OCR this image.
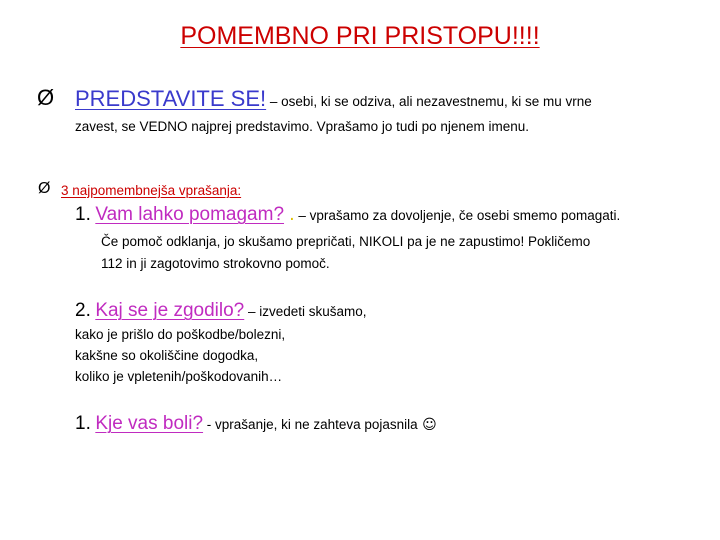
POMEMBNO PRI PRISTOPU!!!!
Ø PREDSTAVITE SE! – osebi, ki se odziva, ali nezavestnemu, ki se mu vrne
zavest, se VEDNO najprej predstavimo. Vprašamo jo tudi po njenem imenu.
Ø 3 najpomembnejša vprašanja:
1. Vam lahko pomagam? . – vprašamo za dovoljenje, če osebi smemo pomagati.
Če pomoč odklanja, jo skušamo prepričati, NIKOLI pa je ne zapustimo! Pokličemo
112 in ji zagotovimo strokovno pomoč.
2. Kaj se je zgodilo? – izvedeti skušamo,
kako je prišlo do poškodbe/bolezni,
kakšne so okoliščine dogodka,
koliko je vpletenih/poškodovanih…
1. Kje vas boli? - vprašanje, ki ne zahteva pojasnila ☺
